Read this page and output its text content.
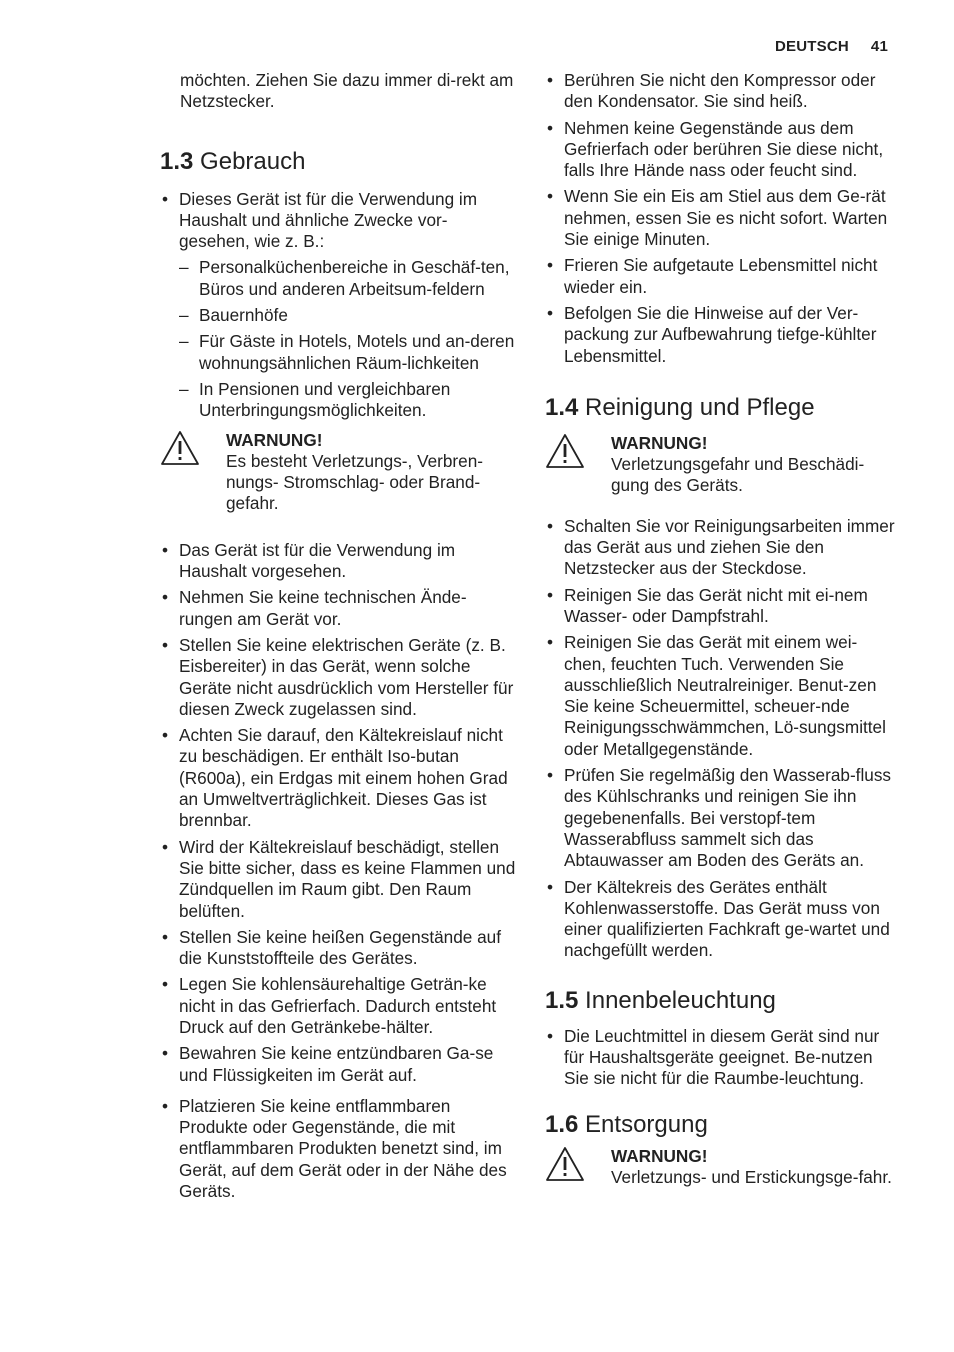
DEUTSCH 41

möchten. Ziehen Sie dazu immer di-rekt am Netzstecker.

1.3 Gebrauch
• Dieses Gerät ist für die Verwendung im Haushalt und ähnliche Zwecke vor-gesehen, wie z. B.:
– Personalküchenbereiche in Geschäf-ten, Büros und anderen Arbeitsum-feldern
– Bauernhöfe
– Für Gäste in Hotels, Motels und an-deren wohnungsähnlichen Räum-lichkeiten
– In Pensionen und vergleichbaren Unterbringungsmöglichkeiten.

WARNUNG!

Es besteht Verletzungs-, Verbren-nungs- Stromschlag- oder Brand-gefahr.

• Das Gerät ist für die Verwendung im Haushalt vorgesehen.
• Nehmen Sie keine technischen Ände-rungen am Gerät vor.
• Stellen Sie keine elektrischen Geräte (z. B. Eisbereiter) in das Gerät, wenn solche Geräte nicht ausdrücklich vom Hersteller für diesen Zweck zugelassen sind.
• Achten Sie darauf, den Kältekreislauf nicht zu beschädigen. Er enthält Iso-butan (R600a), ein Erdgas mit einem hohen Grad an Umweltverträglichkeit. Dieses Gas ist brennbar.
• Wird der Kältekreislauf beschädigt, stellen Sie bitte sicher, dass es keine Flammen und Zündquellen im Raum gibt. Den Raum belüften.
• Stellen Sie keine heißen Gegenstände auf die Kunststoffteile des Gerätes.
• Legen Sie kohlensäurehaltige Geträn-ke nicht in das Gefrierfach. Dadurch entsteht Druck auf den Getränkebe-hälter.
• Bewahren Sie keine entzündbaren Ga-se und Flüssigkeiten im Gerät auf.
• Platzieren Sie keine entflammbaren Produkte oder Gegenstände, die mit entflammbaren Produkten benetzt sind, im Gerät, auf dem Gerät oder in der Nähe des Geräts.
• Berühren Sie nicht den Kompressor oder den Kondensator. Sie sind heiß.
• Nehmen keine Gegenstände aus dem Gefrierfach oder berühren Sie diese nicht, falls Ihre Hände nass oder feucht sind.
• Wenn Sie ein Eis am Stiel aus dem Ge-rät nehmen, essen Sie es nicht sofort. Warten Sie einige Minuten.
• Frieren Sie aufgetaute Lebensmittel nicht wieder ein.
• Befolgen Sie die Hinweise auf der Ver-packung zur Aufbewahrung tiefge-kühlter Lebensmittel.
1.4 Reinigung und Pflege

WARNUNG!

Verletzungsgefahr und Beschädi-gung des Geräts.

• Schalten Sie vor Reinigungsarbeiten immer das Gerät aus und ziehen Sie den Netzstecker aus der Steckdose.
• Reinigen Sie das Gerät nicht mit ei-nem Wasser- oder Dampfstrahl.
• Reinigen Sie das Gerät mit einem wei-chen, feuchten Tuch. Verwenden Sie ausschließlich Neutralreiniger. Benut-zen Sie keine Scheuermittel, scheuer-nde Reinigungsschwämmchen, Lö-sungsmittel oder Metallgegenstände.
• Prüfen Sie regelmäßig den Wasserab-fluss des Kühlschranks und reinigen Sie ihn gegebenenfalls. Bei verstopf-tem Wasserabfluss sammelt sich das Abtauwasser am Boden des Geräts an.
• Der Kältekreis des Gerätes enthält Kohlenwasserstoffe. Das Gerät muss von einer qualifizierten Fachkraft ge-wartet und nachgefüllt werden.
1.5 Innenbeleuchtung
• Die Leuchtmittel in diesem Gerät sind nur für Haushaltsgeräte geeignet. Be-nutzen Sie sie nicht für die Raumbe-leuchtung.
1.6 Entsorgung

WARNUNG!

Verletzungs- und Erstickungsge-fahr.
